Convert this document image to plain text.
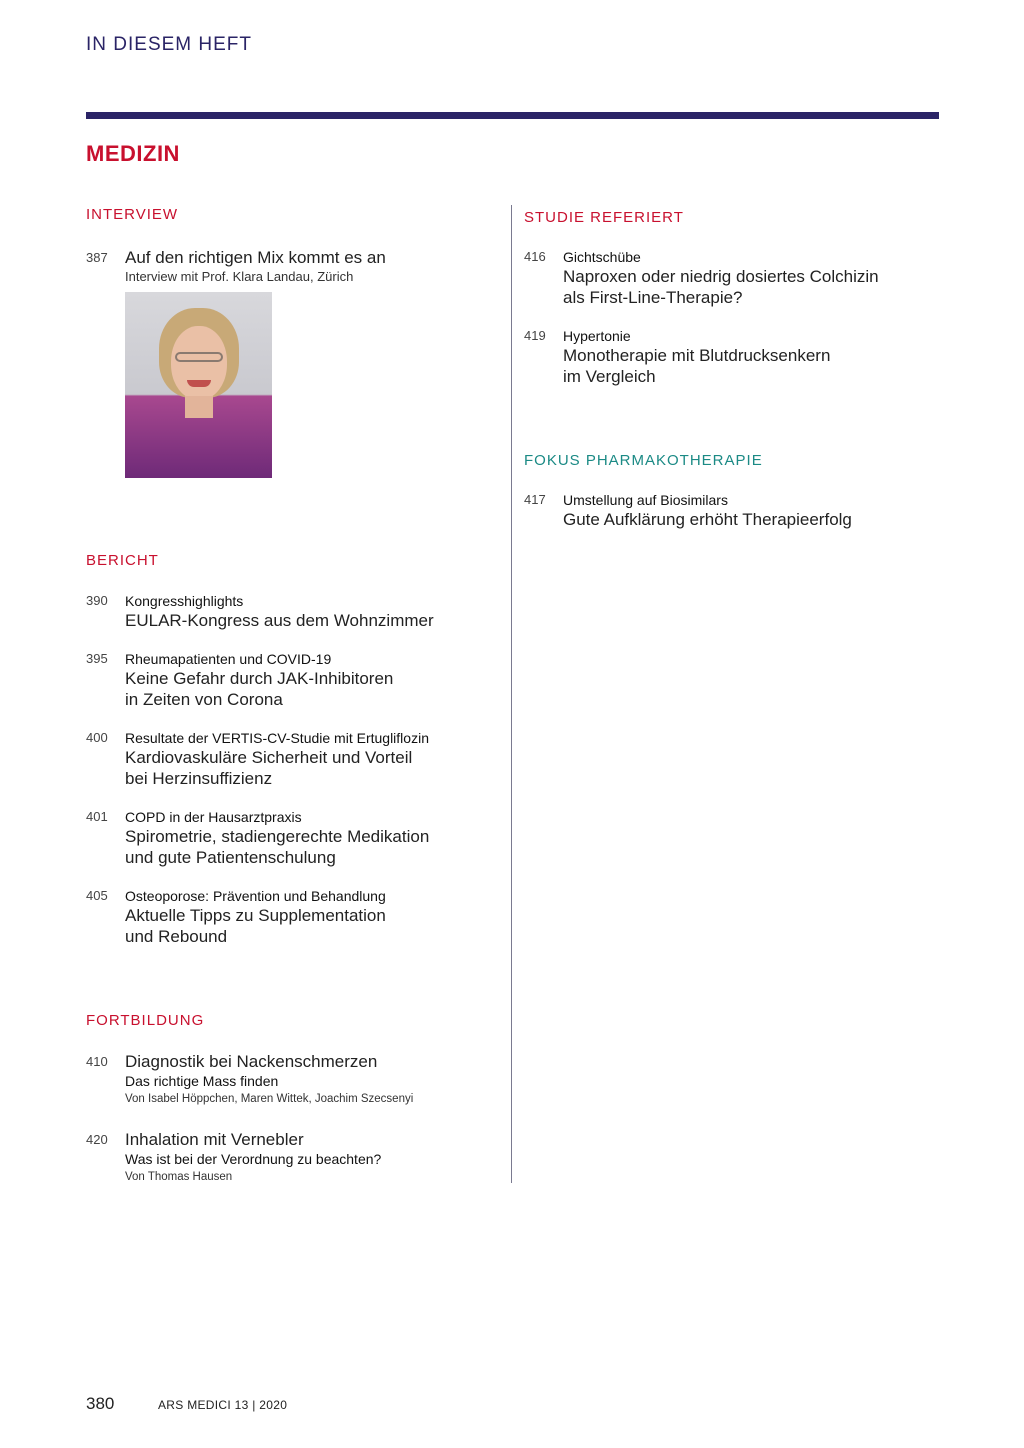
IN DIESEM HEFT
MEDIZIN
INTERVIEW
387 Auf den richtigen Mix kommt es an
Interview mit Prof. Klara Landau, Zürich
BERICHT
390 Kongresshighlights
EULAR-Kongress aus dem Wohnzimmer
395 Rheumapatienten und COVID-19
Keine Gefahr durch JAK-Inhibitoren
in Zeiten von Corona
400 Resultate der VERTIS-CV-Studie mit Ertugliflozin
Kardiovaskuläre Sicherheit und Vorteil
bei Herzinsuffizienz
401 COPD in der Hausarztpraxis
Spirometrie, stadiengerechte Medikation
und gute Patientenschulung
405 Osteoporose: Prävention und Behandlung
Aktuelle Tipps zu Supplementation
und Rebound
FORTBILDUNG
410 Diagnostik bei Nackenschmerzen
Das richtige Mass finden
Von Isabel Höppchen, Maren Wittek, Joachim Szecsenyi
420 Inhalation mit Vernebler
Was ist bei der Verordnung zu beachten?
Von Thomas Hausen
STUDIE REFERIERT
416 Gichtschübe
Naproxen oder niedrig dosiertes Colchizin
als First-Line-Therapie?
419 Hypertonie
Monotherapie mit Blutdrucksenkern
im Vergleich
FOKUS PHARMAKOTHERAPIE
417 Umstellung auf Biosimilars
Gute Aufklärung erhöht Therapieerfolg
380	ARS MEDICI 13 | 2020
